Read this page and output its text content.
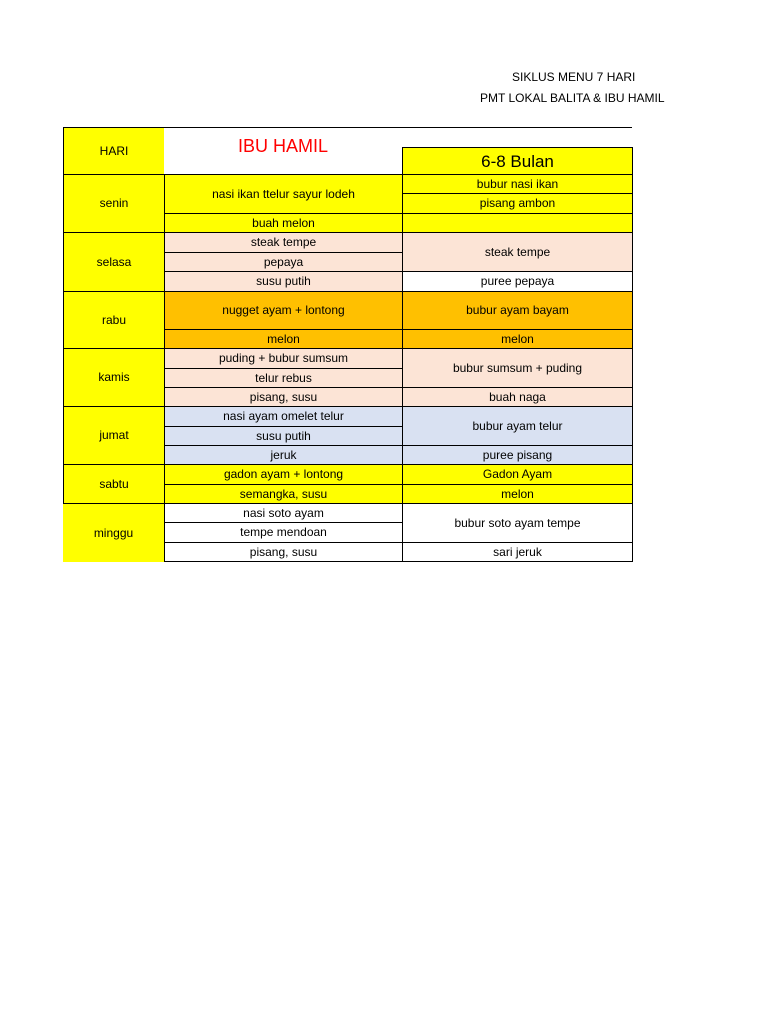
SIKLUS MENU 7 HARI
PMT LOKAL BALITA & IBU HAMIL
HARI	IBU HAMIL
6-8 Bulan
senin
nasi ikan ttelur sayur lodeh
buah melon
bubur nasi ikan
pisang ambon
selasa
steak tempe
pepaya
susu putih
steak tempe
puree pepaya
rabu
nugget ayam + lontong
melon
bubur ayam bayam
melon
kamis
puding + bubur sumsum
telur rebus
pisang, susu
bubur sumsum + puding
buah naga
jumat
nasi ayam omelet telur
susu putih
jeruk
bubur ayam telur
puree pisang
sabtu
gadon ayam + lontong
semangka, susu
Gadon Ayam
melon
minggu
nasi soto ayam
tempe mendoan
pisang, susu
bubur soto ayam tempe
sari jeruk
